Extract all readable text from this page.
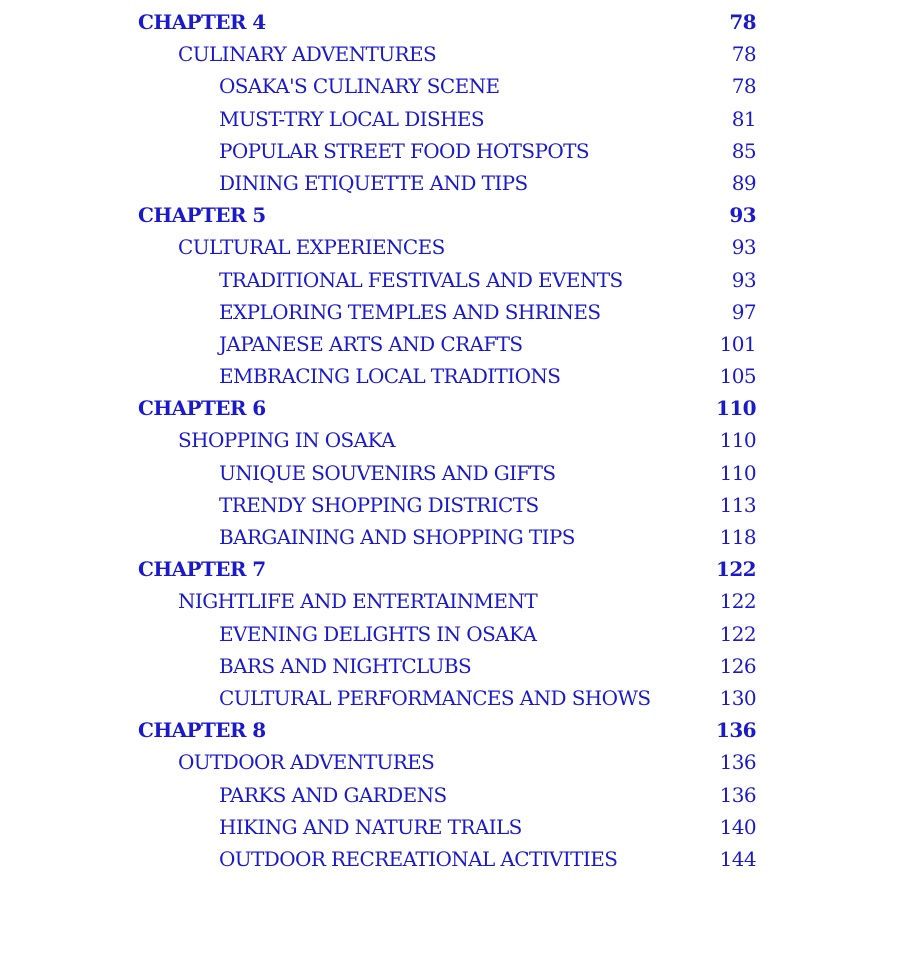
CHAPTER 4	78
CULINARY ADVENTURES	78
OSAKA'S CULINARY SCENE	78
MUST-TRY LOCAL DISHES	81
POPULAR STREET FOOD HOTSPOTS	85
DINING ETIQUETTE AND TIPS	89
CHAPTER 5	93
CULTURAL EXPERIENCES	93
TRADITIONAL FESTIVALS AND EVENTS	93
EXPLORING TEMPLES AND SHRINES	97
JAPANESE ARTS AND CRAFTS	101
EMBRACING LOCAL TRADITIONS	105
CHAPTER 6	110
SHOPPING IN OSAKA	110
UNIQUE SOUVENIRS AND GIFTS	110
TRENDY SHOPPING DISTRICTS	113
BARGAINING AND SHOPPING TIPS	118
CHAPTER 7	122
NIGHTLIFE AND ENTERTAINMENT	122
EVENING DELIGHTS IN OSAKA	122
BARS AND NIGHTCLUBS	126
CULTURAL PERFORMANCES AND SHOWS	130
CHAPTER 8	136
OUTDOOR ADVENTURES	136
PARKS AND GARDENS	136
HIKING AND NATURE TRAILS	140
OUTDOOR RECREATIONAL ACTIVITIES	144
